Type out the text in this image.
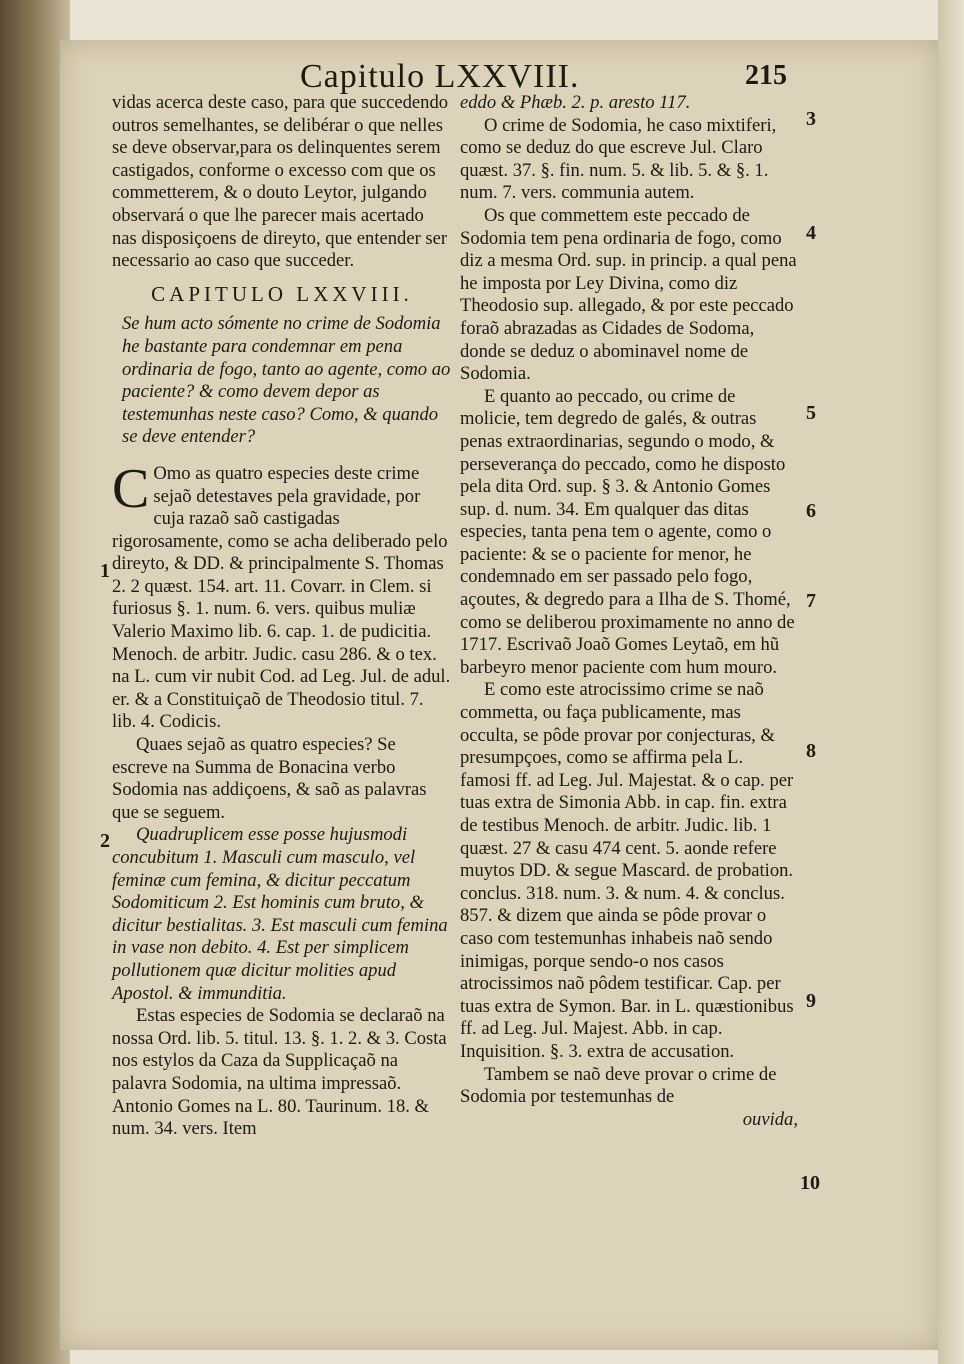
Capitulo LXXVIII.	215

vidas acerca deste caso, para que succedendo outros semelhantes, se delibérar o que nelles se deve observar,para os delinquentes serem castigados, conforme o excesso com que os commetterem, & o douto Leytor, julgando observará o que lhe parecer mais acertado nas disposiçoens de direyto, que entender ser necessario ao caso que succeder.

CAPITULO LXXVIII.

Se hum acto sómente no crime de Sodomia he bastante para condemnar em pena ordinaria de fogo, tanto ao agente, como ao paciente? & como devem depor as testemunhas neste caso? Como, & quando se deve entender?

C Omo as quatro especies deste crime sejaõ detestaves pela gravidade, por cuja razaõ saõ castigadas rigorosamente, como se acha deliberado pelo direyto, & DD. & principalmente S. Thomas 2. 2 quæst. 154. art. 11. Covarr. in Clem. si furiosus §. 1. num. 6. vers. quibus muliæ Valerio Maximo lib. 6. cap. 1. de pudicitia. Menoch. de arbitr. Judic. casu 286. & o tex. na L. cum vir nubit Cod. ad Leg. Jul. de adul. er. & a Constituiçaõ de Theodosio titul. 7. lib. 4. Codicis.

Quaes sejaõ as quatro especies? Se escreve na Summa de Bonacina verbo Sodomia nas addiçoens, & saõ as palavras que se seguem.

Quadruplicem esse posse hujusmodi concubitum 1. Masculi cum masculo, vel feminæ cum femina, & dicitur peccatum Sodomiticum 2. Est hominis cum bruto, & dicitur bestialitas. 3. Est masculi cum femina in vase non debito. 4. Est per simplicem pollutionem quæ dicitur molities apud Apostol. & immunditia.

Estas especies de Sodomia se declaraõ na nossa Ord. lib. 5. titul. 13. §. 1. 2. & 3. Costa nos estylos da Caza da Supplicaçaõ na palavra Sodomia, na ultima impressaõ. Antonio Gomes na L. 80. Taurinum. 18. & num. 34. vers. Item

eddo & Phæb. 2. p. aresto 117.

O crime de Sodomia, he caso mixtiferi, como se deduz do que escreve Jul. Claro quæst. 37. §. fin. num. 5. & lib. 5. & §. 1. num. 7. vers. communia autem.

Os que commettem este peccado de Sodomia tem pena ordinaria de fogo, como diz a mesma Ord. sup. in princip. a qual pena he imposta por Ley Divina, como diz Theodosio sup. allegado, & por este peccado foraõ abrazadas as Cidades de Sodoma, donde se deduz o abominavel nome de Sodomia.

E quanto ao peccado, ou crime de molicie, tem degredo de galés, & outras penas extraordinarias, segundo o modo, & perseverança do peccado, como he disposto pela dita Ord. sup. § 3. & Antonio Gomes sup. d. num. 34. Em qualquer das ditas especies, tanta pena tem o agente, como o paciente: & se o paciente for menor, he condemnado em ser passado pelo fogo, açoutes, & degredo para a Ilha de S. Thomé, como se deliberou proximamente no anno de 1717. Escrivaõ Joaõ Gomes Leytaõ, em hũ barbeyro menor paciente com hum mouro.

E como este atrocissimo crime se naõ commetta, ou faça publicamente, mas occulta, se pôde provar por conjecturas, & presumpçoes, como se affirma pela L. famosi ff. ad Leg. Jul. Majestat. & o cap. per tuas extra de Simonia Abb. in cap. fin. extra de testibus Menoch. de arbitr. Judic. lib. 1 quæst. 27 & casu 474 cent. 5. aonde refere muytos DD. & segue Mascard. de probation. conclus. 318. num. 3. & num. 4. & conclus. 857. & dizem que ainda se pôde provar o caso com testemunhas inhabeis naõ sendo inimigas, porque sendo-o nos casos atrocissimos naõ pôdem testificar. Cap. per tuas extra de Symon. Bar. in L. quæstionibus ff. ad Leg. Jul. Majest. Abb. in cap. Inquisition. §. 3. extra de accusation.

Tambem se naõ deve provar o crime de Sodomia por testemunhas de

ouvida,

1
2
3
4
5
6
7
8
9
10
